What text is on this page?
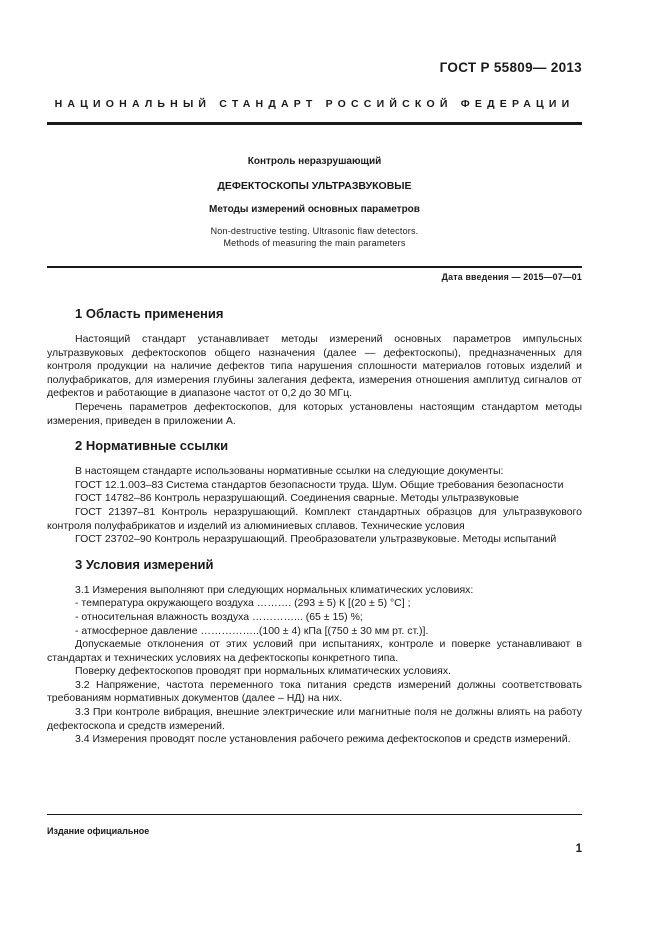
ГОСТ Р 55809— 2013
НАЦИОНАЛЬНЫЙ СТАНДАРТ РОССИЙСКОЙ ФЕДЕРАЦИИ

Контроль неразрушающий

ДЕФЕКТОСКОПЫ УЛЬТРАЗВУКОВЫЕ

Методы измерений основных параметров

Non-destructive testing. Ultrasonic flaw detectors.
Methods of measuring the main parameters

Дата введения — 2015—07—01
1 Область применения

Настоящий стандарт устанавливает методы измерений основных параметров импульсных ультразвуковых дефектоскопов общего назначения (далее — дефектоскопы), предназначенных для контроля продукции на наличие дефектов типа нарушения сплошности материалов готовых изделий и полуфабрикатов, для измерения глубины залегания дефекта, измерения отношения амплитуд сигналов от дефектов и работающие в диапазоне частот от 0,2 до 30 МГц.

Перечень параметров дефектоскопов, для которых установлены настоящим стандартом методы измерения, приведен в приложении А.

2 Нормативные ссылки

В настоящем стандарте использованы нормативные ссылки на следующие документы:

ГОСТ 12.1.003–83 Система стандартов безопасности труда. Шум. Общие требования безопасности

ГОСТ 14782–86 Контроль неразрушающий. Соединения сварные. Методы ультразвуковые

ГОСТ 21397–81 Контроль неразрушающий. Комплект стандартных образцов для ультразвукового контроля полуфабрикатов и изделий из алюминиевых сплавов. Технические условия

ГОСТ 23702–90 Контроль неразрушающий. Преобразователи ультразвуковые. Методы испытаний

3 Условия измерений

3.1 Измерения выполняют при следующих нормальных климатических условиях:

- температура окружающего воздуха ………. (293 ± 5) К [(20 ± 5) °C] ;

- относительная влажность воздуха …………... (65 ± 15) %;

- атмосферное давление ……………..(100 ± 4) кПа [(750 ± 30 мм рт. ст.)].

Допускаемые отклонения от этих условий при испытаниях, контроле и поверке устанавливают в стандартах и технических условиях на дефектоскопы конкретного типа.

Поверку дефектоскопов проводят при нормальных климатических условиях.

3.2 Напряжение, частота переменного тока питания средств измерений должны соответствовать требованиям нормативных документов (далее – НД) на них.

3.3 При контроле вибрация, внешние электрические или магнитные поля не должны влиять на работу дефектоскопа и средств измерений.

3.4 Измерения проводят после установления рабочего режима дефектоскопов и средств измерений.

Издание официальное
1
